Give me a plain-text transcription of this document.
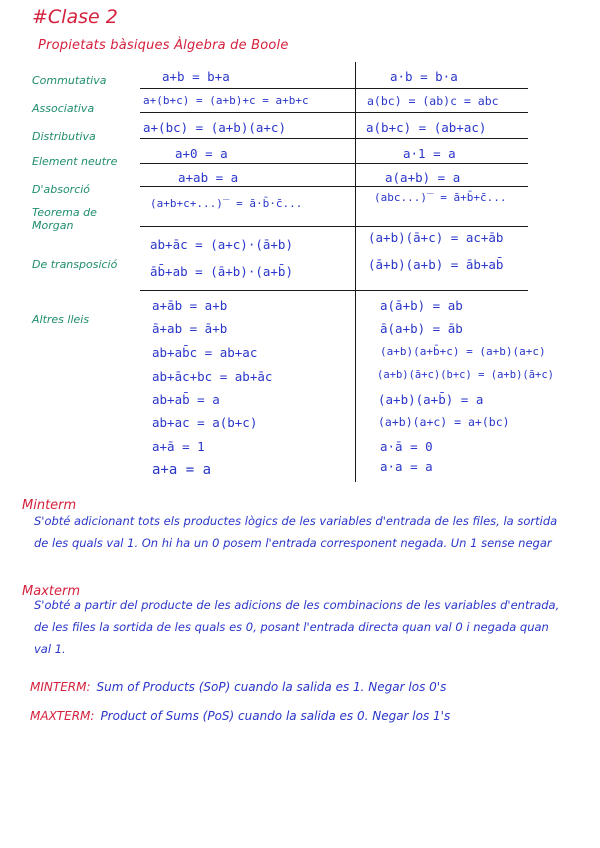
#Clase 2
Propietats bàsiques Àlgebra de Boole
Commutativa
Associativa
Distributiva
Element neutre
D'absorció
Teorema de Morgan
De transposició
Altres lleis
a+b = b+a
a+(b+c) = (a+b)+c = a+b+c
a+(bc) = (a+b)(a+c)
a+0 = a
a+ab = a
(a+b+c+...)‾ = ā·b̄·c̄...
ab+āc = (a+c)·(ā+b)
āb̄+ab = (ā+b)·(a+b̄)
a+āb = a+b
ā+ab = ā+b
ab+ab̄c = ab+ac
ab+āc+bc = ab+āc
ab+ab̄ = a
ab+ac = a(b+c)
a+ā = 1
a+a = a
a·b = b·a
a(bc) = (ab)c = abc
a(b+c) = (ab+ac)
a·1 = a
a(a+b) = a
(abc...)‾ = ā+b̄+c̄...
(a+b)(ā+c) = ac+āb
(ā+b)(a+b) = āb+ab̄
a(ā+b) = ab
ā(a+b) = āb
(a+b)(a+b̄+c) = (a+b)(a+c)
(a+b)(ā+c)(b+c) = (a+b)(ā+c)
(a+b)(a+b̄) = a
(a+b)(a+c) = a+(bc)
a·ā = 0
a·a = a
Minterm
S'obté adicionant tots els productes lògics de les variables d'entrada de les files, la sortida de les quals val 1. On hi ha un 0 posem l'entrada corresponent negada. Un 1 sense negar
Maxterm
S'obté a partir del producte de les adicions de les combinacions de les variables d'entrada, de les files la sortida de les quals es 0, posant l'entrada directa quan val 0 i negada quan val 1.
MINTERM: Sum of Products (SoP) cuando la salida es 1. Negar los 0's
MAXTERM: Product of Sums (PoS) cuando la salida es 0. Negar los 1's
